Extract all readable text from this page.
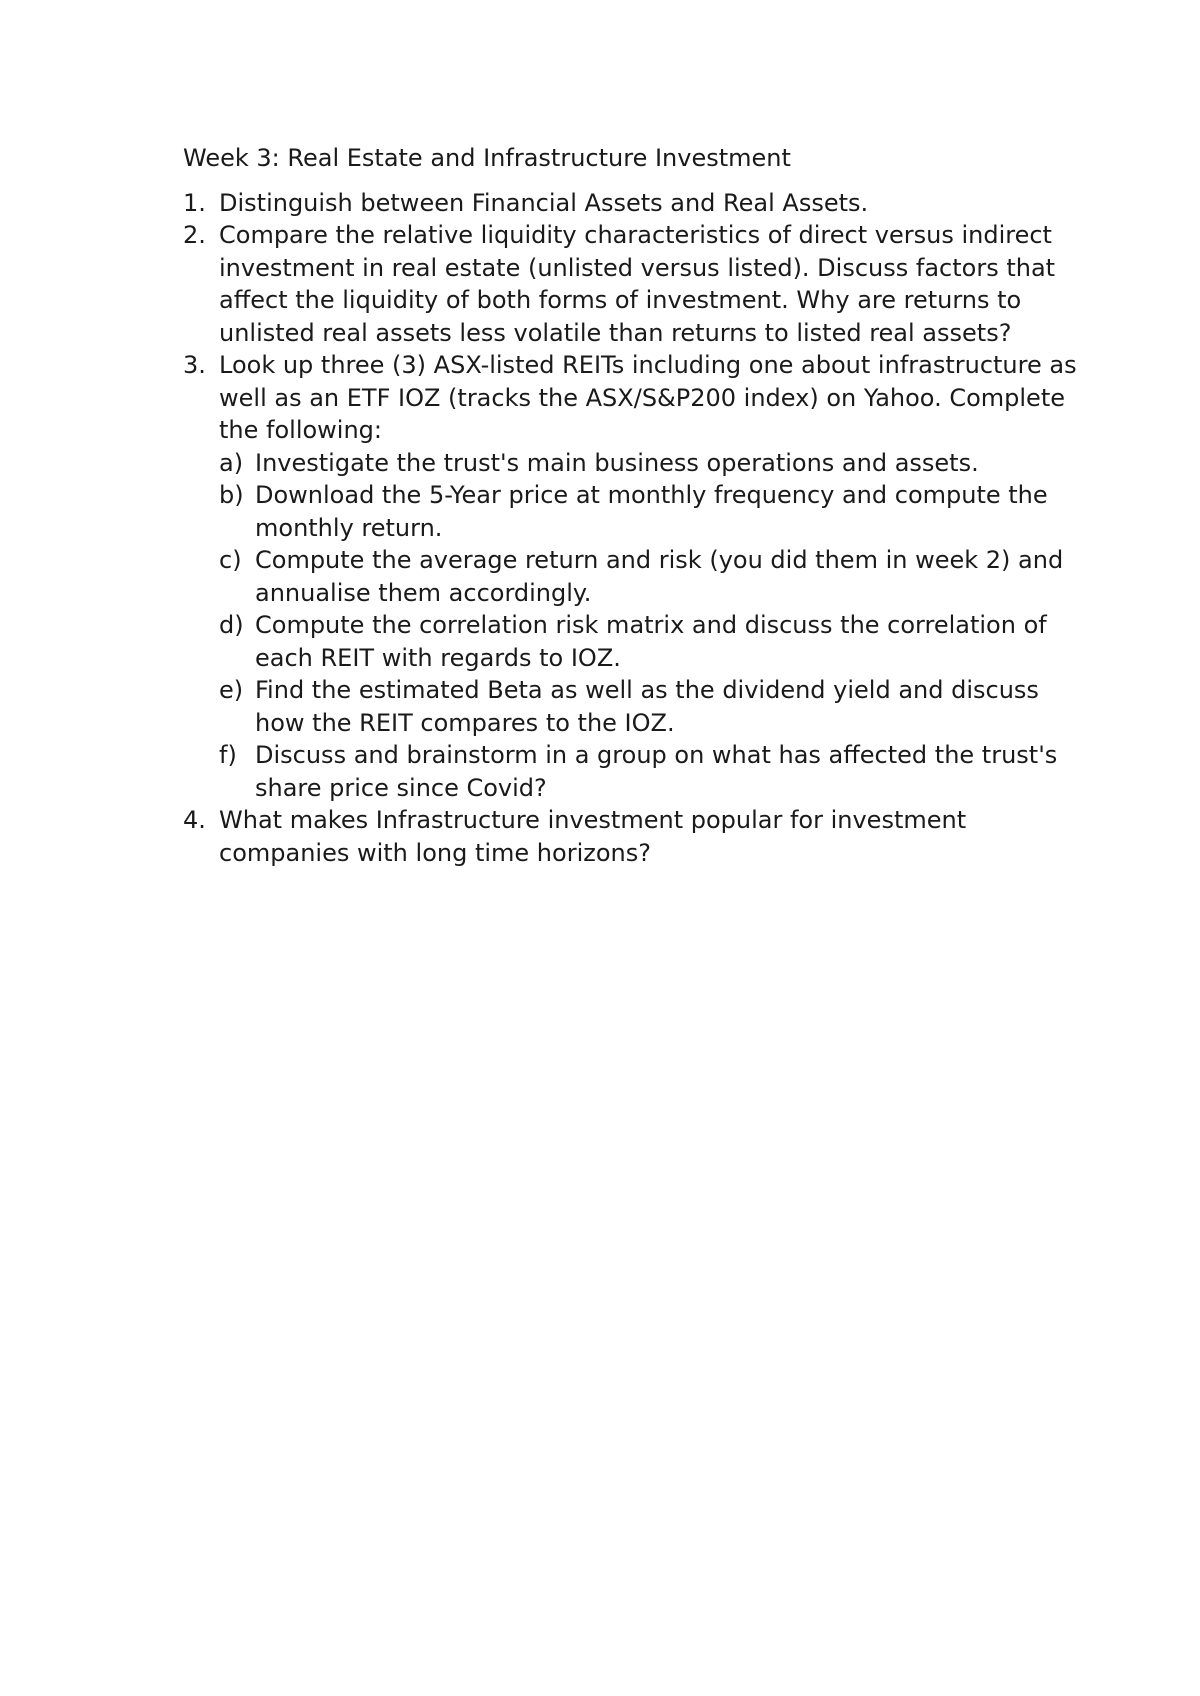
Week 3: Real Estate and Infrastructure Investment
1. Distinguish between Financial Assets and Real Assets.
2. Compare the relative liquidity characteristics of direct versus indirect investment in real estate (unlisted versus listed). Discuss factors that affect the liquidity of both forms of investment. Why are returns to unlisted real assets less volatile than returns to listed real assets?
3. Look up three (3) ASX-listed REITs including one about infrastructure as well as an ETF IOZ (tracks the ASX/S&P200 index) on Yahoo. Complete the following:
a) Investigate the trust's main business operations and assets.
b) Download the 5-Year price at monthly frequency and compute the monthly return.
c) Compute the average return and risk (you did them in week 2) and annualise them accordingly.
d) Compute the correlation risk matrix and discuss the correlation of each REIT with regards to IOZ.
e) Find the estimated Beta as well as the dividend yield and discuss how the REIT compares to the IOZ.
f) Discuss and brainstorm in a group on what has affected the trust's share price since Covid?
4. What makes Infrastructure investment popular for investment companies with long time horizons?
